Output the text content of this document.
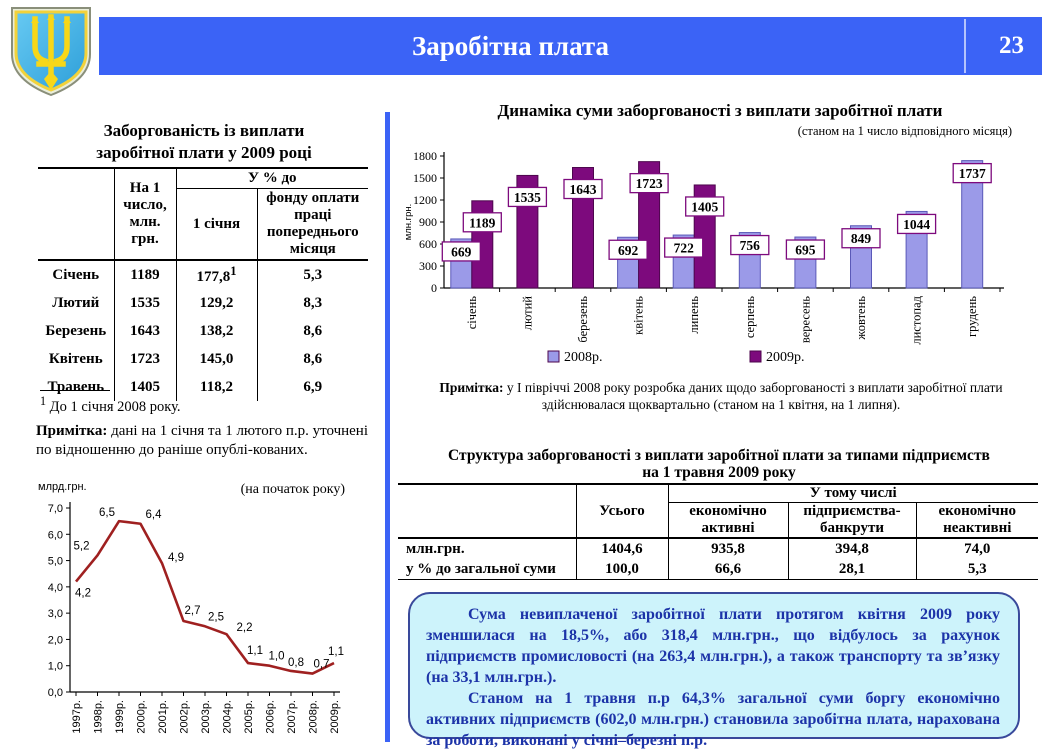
Заробітна плата	23
Заборгованість із виплати
заробітної плати у 2009 році
	На 1 число, млн. грн.	У % до	
		1 січня	фонду оплати праці попереднього місяця
Січень	1189	177,8$^1$	5,3
Лютий	1535	129,2	8,3
Березень	1643	138,2	8,6
Квітень	1723	145,0	8,6
Травень	1405	118,2	6,9
$^1$ До 1 січня 2008 року.
Примітка: дані на 1 січня та 1 лютого п.р. уточнені по відношенню до раніше опублі-кованих.
млрд.грн.	(на початок року)
0,0
1,0
2,0
3,0
4,0
5,0
6,0
7,0
1997р. 1998р. 1999р. 2000р. 2001р. 2002р. 2003р. 2004р. 2005р. 2006р. 2007р. 2008р. 2009р.
4,2
5,2
6,5	6,4
4,9
2,7
2,5
2,2
1,1 1,0
0,8 0,7
1,1
Динаміка суми заборгованості з виплати заробітної плати
(станом на 1 число відповідного місяця)
0
300
600
900
1200
1500
1800
млн.грн.
січень	лютий	березень	квітень	липень	серпень	вересень	жовтень	листопад	грудень
669
1189
1535
1643
692
1723
722
1405
756	695
849
1044
1737
2008р.	2009р.
Примітка: у І півріччі 2008 року розробка даних щодо заборгованості з виплати заробітної плати здійснювалася щоквартально (станом на 1 квітня, на 1 липня).
Структура заборгованості з виплати заробітної плати за типами підприємств
на 1 травня 2009 року
	Усього	У тому числі		
		економічно активні	підприємства-банкрути	економічно неактивні
млн.грн.	1404,6	935,8	394,8	74,0
у % до загальної суми	100,0	66,6	28,1	5,3

Сума невиплаченої заробітної плати протягом квітня 2009 року зменшилася на 18,5%, або 318,4 млн.грн., що відбулось за рахунок підприємств промисловості (на 263,4 млн.грн.), а також транспорту та зв’язку (на 33,1 млн.грн.).

Станом на 1 травня п.р 64,3% загальної суми боргу економічно активних підприємств (602,0 млн.грн.) становила заробітна плата, нарахована за роботи, виконані у січні–березні п.р.
